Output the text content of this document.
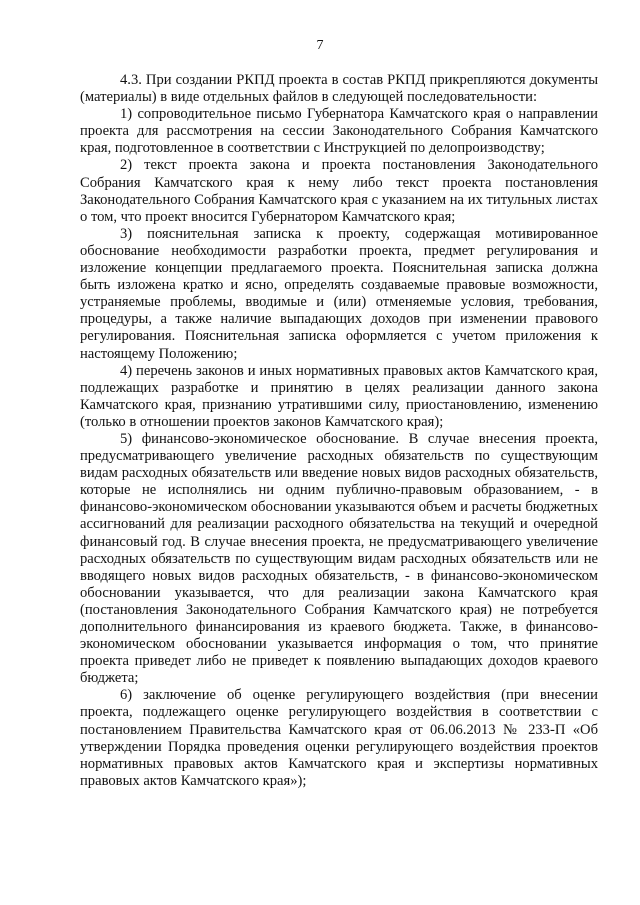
7

4.3. При создании РКПД проекта в состав РКПД прикрепляются документы (материалы) в виде отдельных файлов в следующей последовательности:

1) сопроводительное письмо Губернатора Камчатского края о направлении проекта для рассмотрения на сессии Законодательного Собрания Камчатского края, подготовленное в соответствии с Инструкцией по делопроизводству;

2) текст проекта закона и проекта постановления Законодательного Собрания Камчатского края к нему либо текст проекта постановления Законодательного Собрания Камчатского края с указанием на их титульных листах о том, что проект вносится Губернатором Камчатского края;

3) пояснительная записка к проекту, содержащая мотивированное обоснование необходимости разработки проекта, предмет регулирования и изложение концепции предлагаемого проекта. Пояснительная записка должна быть изложена кратко и ясно, определять создаваемые правовые возможности, устраняемые проблемы, вводимые и (или) отменяемые условия, требования, процедуры, а также наличие выпадающих доходов при изменении правового регулирования. Пояснительная записка оформляется с учетом приложения к настоящему Положению;

4) перечень законов и иных нормативных правовых актов Камчатского края, подлежащих разработке и принятию в целях реализации данного закона Камчатского края, признанию утратившими силу, приостановлению, изменению (только в отношении проектов законов Камчатского края);

5) финансово-экономическое обоснование. В случае внесения проекта, предусматривающего увеличение расходных обязательств по существующим видам расходных обязательств или введение новых видов расходных обязательств, которые не исполнялись ни одним публично-правовым образованием, - в финансово-экономическом обосновании указываются объем и расчеты бюджетных ассигнований для реализации расходного обязательства на текущий и очередной финансовый год. В случае внесения проекта, не предусматривающего увеличение расходных обязательств по существующим видам расходных обязательств или не вводящего новых видов расходных обязательств, - в финансово-экономическом обосновании указывается, что для реализации закона Камчатского края (постановления Законодательного Собрания Камчатского края) не потребуется дополнительного финансирования из краевого бюджета. Также, в финансово-экономическом обосновании указывается информация о том, что принятие проекта приведет либо не приведет к появлению выпадающих доходов краевого бюджета;

6) заключение об оценке регулирующего воздействия (при внесении проекта, подлежащего оценке регулирующего воздействия в соответствии с постановлением Правительства Камчатского края от 06.06.2013 № 233-П «Об утверждении Порядка проведения оценки регулирующего воздействия проектов нормативных правовых актов Камчатского края и экспертизы нормативных правовых актов Камчатского края»);
